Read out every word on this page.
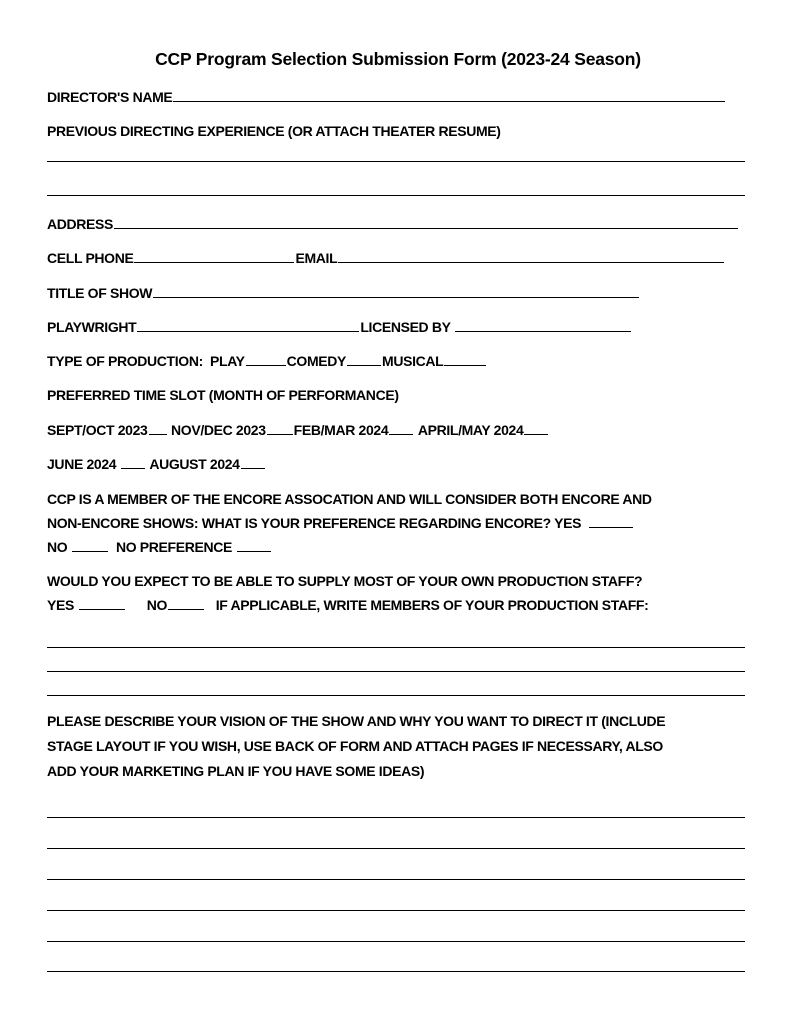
CCP Program Selection Submission Form (2023-24 Season)
DIRECTOR'S NAME
PREVIOUS DIRECTING EXPERIENCE (OR ATTACH THEATER RESUME)
ADDRESS
CELL PHONE	EMAIL
TITLE OF SHOW
PLAYWRIGHT	LICENSED BY
TYPE OF PRODUCTION: PLAY	COMEDY	MUSICAL
PREFERRED TIME SLOT (MONTH OF PERFORMANCE)
SEPT/OCT 2023 NOV/DEC 2023 FEB/MAR 2024 APRIL/MAY 2024
JUNE 2024 AUGUST 2024
CCP IS A MEMBER OF THE ENCORE ASSOCATION AND WILL CONSIDER BOTH ENCORE AND
NON-ENCORE SHOWS: WHAT IS YOUR PREFERENCE REGARDING ENCORE? YES
NO	NO PREFERENCE
WOULD YOU EXPECT TO BE ABLE TO SUPPLY MOST OF YOUR OWN PRODUCTION STAFF?
YES	NO	IF APPLICABLE, WRITE MEMBERS OF YOUR PRODUCTION STAFF:
PLEASE DESCRIBE YOUR VISION OF THE SHOW AND WHY YOU WANT TO DIRECT IT (INCLUDE
STAGE LAYOUT IF YOU WISH, USE BACK OF FORM AND ATTACH PAGES IF NECESSARY, ALSO
ADD YOUR MARKETING PLAN IF YOU HAVE SOME IDEAS)
